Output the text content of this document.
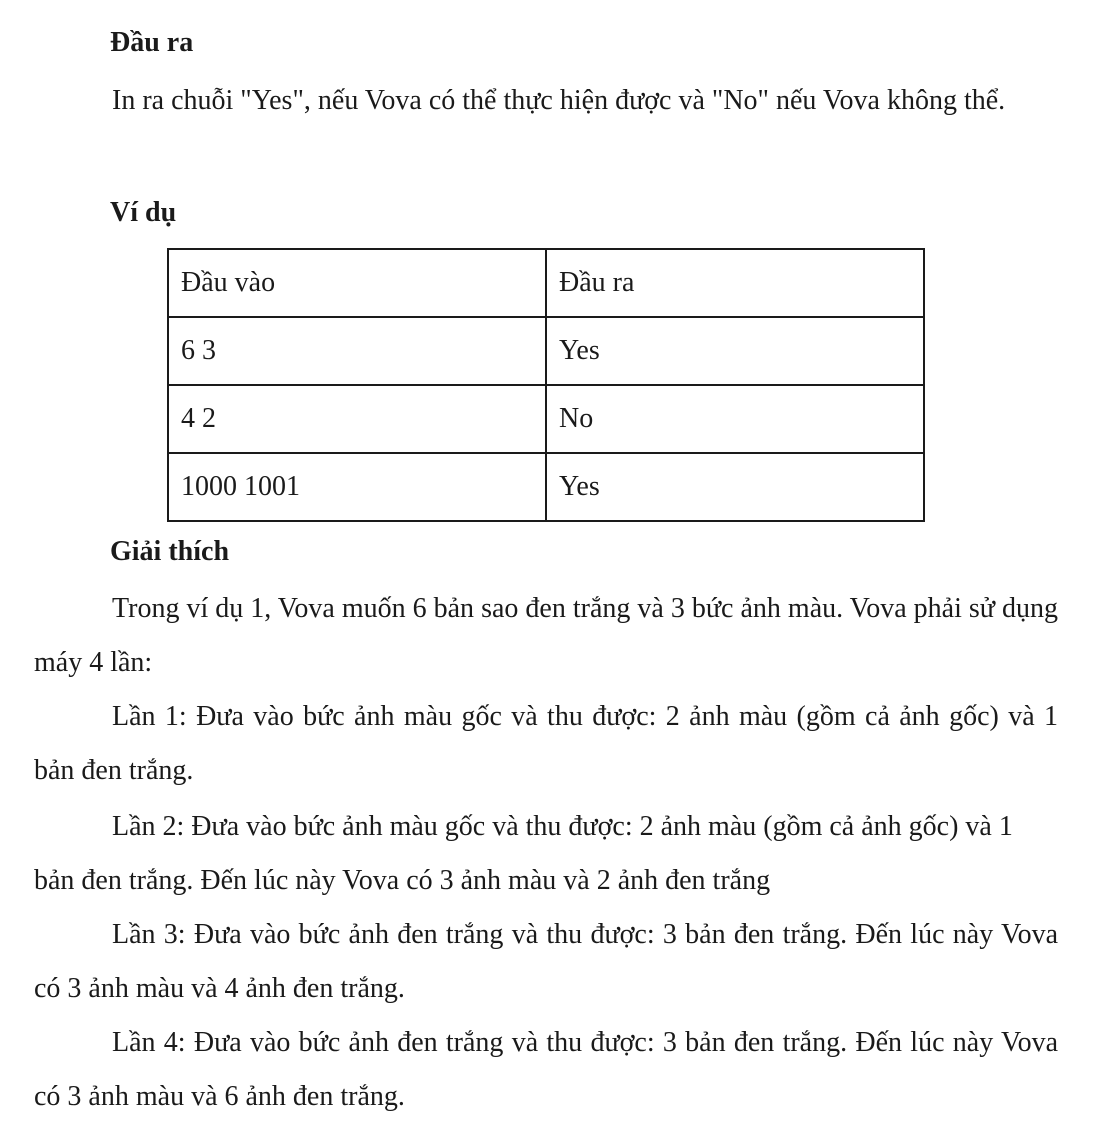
Đầu ra

In ra chuỗi "Yes", nếu Vova có thể thực hiện được và "No" nếu Vova không thể.

Ví dụ
Đầu vào	Đầu ra
6 3	Yes
4 2	No
1000 1001	Yes
Giải thích

Trong ví dụ 1, Vova muốn 6 bản sao đen trắng và 3 bức ảnh màu. Vova phải sử dụng máy 4 lần:

Lần 1: Đưa vào bức ảnh màu gốc và thu được: 2 ảnh màu (gồm cả ảnh gốc) và 1 bản đen trắng.

Lần 2: Đưa vào bức ảnh màu gốc và thu được: 2 ảnh màu (gồm cả ảnh gốc) và 1 bản đen trắng. Đến lúc này Vova có 3 ảnh màu và 2 ảnh đen trắng

Lần 3: Đưa vào bức ảnh đen trắng và thu được: 3 bản đen trắng. Đến lúc này Vova có 3 ảnh màu và 4 ảnh đen trắng.

Lần 4: Đưa vào bức ảnh đen trắng và thu được: 3 bản đen trắng. Đến lúc này Vova có 3 ảnh màu và 6 ảnh đen trắng.
